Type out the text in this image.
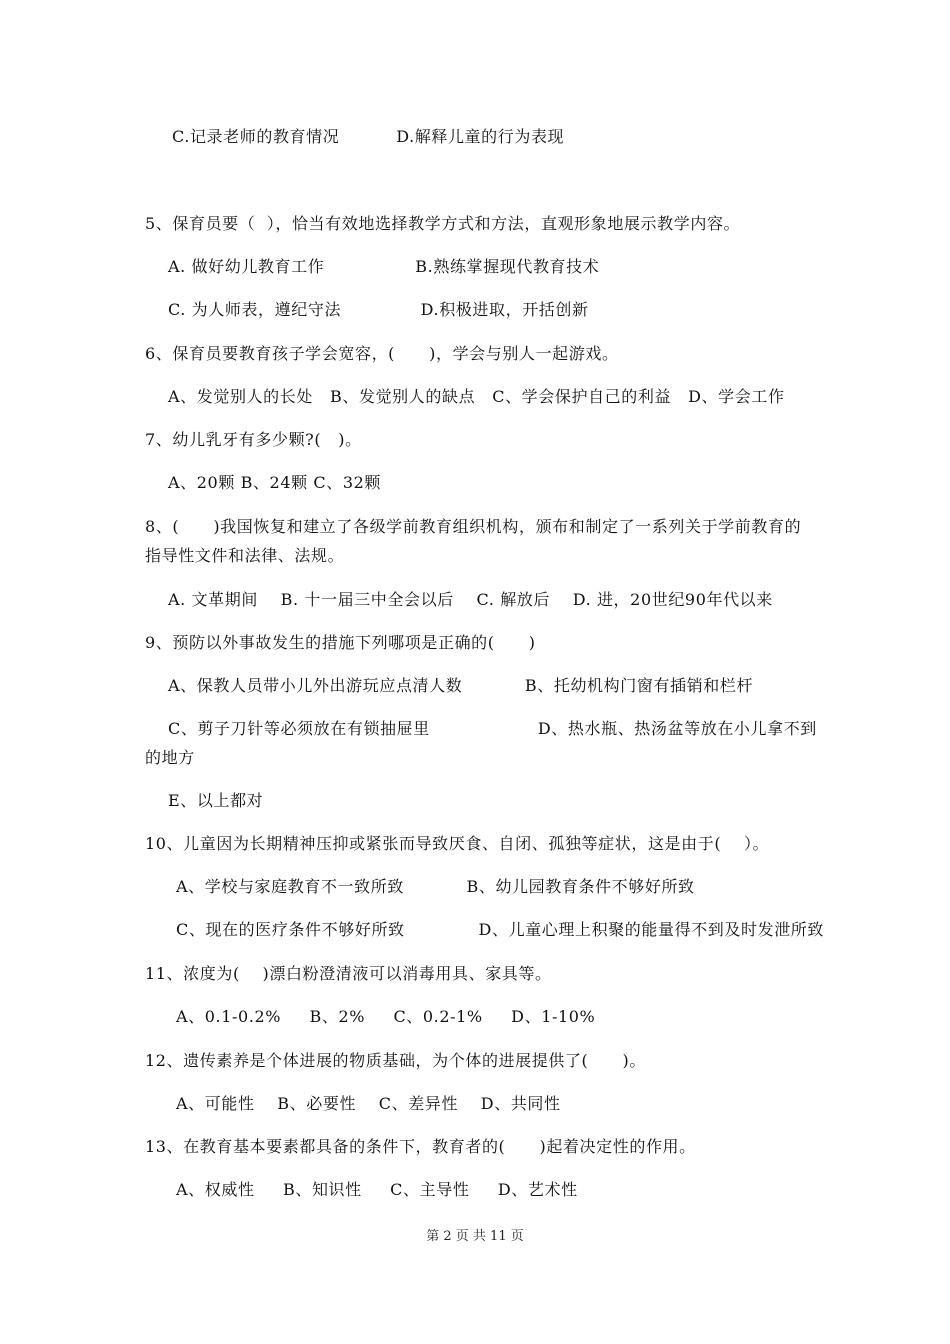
C.记录老师的教育情况          D.解释儿童的行为表现
5、保育员要（  ），恰当有效地选择教学方式和方法，直观形象地展示教学内容。
A. 做好幼儿教育工作                B.熟练掌握现代教育技术
C. 为人师表，遵纪守法              D.积极进取，开括创新
6、保育员要教育孩子学会宽容，(      )，学会与别人一起游戏。
A、发觉别人的长处   B、发觉别人的缺点   C、学会保护自己的利益   D、学会工作
7、幼儿乳牙有多少颗?(   )。
A、20颗 B、24颗 C、32颗
8、(      )我国恢复和建立了各级学前教育组织机构，颁布和制定了一系列关于学前教育的
指导性文件和法律、法规。
A. 文革期间    B. 十一届三中全会以后    C. 解放后    D. 进，20世纪90年代以来
9、预防以外事故发生的措施下列哪项是正确的(      )
A、保教人员带小儿外出游玩应点清人数           B、托幼机构门窗有插销和栏杆
C、剪子刀针等必须放在有锁抽屉里                   D、热水瓶、热汤盆等放在小儿拿不到
的地方
E、以上都对
10、儿童因为长期精神压抑或紧张而导致厌食、自闭、孤独等症状，这是由于(    ）。
A、学校与家庭教育不一致所致           B、幼儿园教育条件不够好所致
C、现在的医疗条件不够好所致             D、儿童心理上积聚的能量得不到及时发泄所致
11、浓度为(    )漂白粉澄清液可以消毒用具、家具等。
A、0.1-0.2%     B、2%     C、0.2-1%     D、1-10%
12、遗传素养是个体进展的物质基础，为个体的进展提供了(      )。
A、可能性    B、必要性    C、差异性    D、共同性
13、在教育基本要素都具备的条件下，教育者的(      )起着决定性的作用。
A、权威性     B、知识性     C、主导性     D、艺术性
第 2 页 共 11 页
